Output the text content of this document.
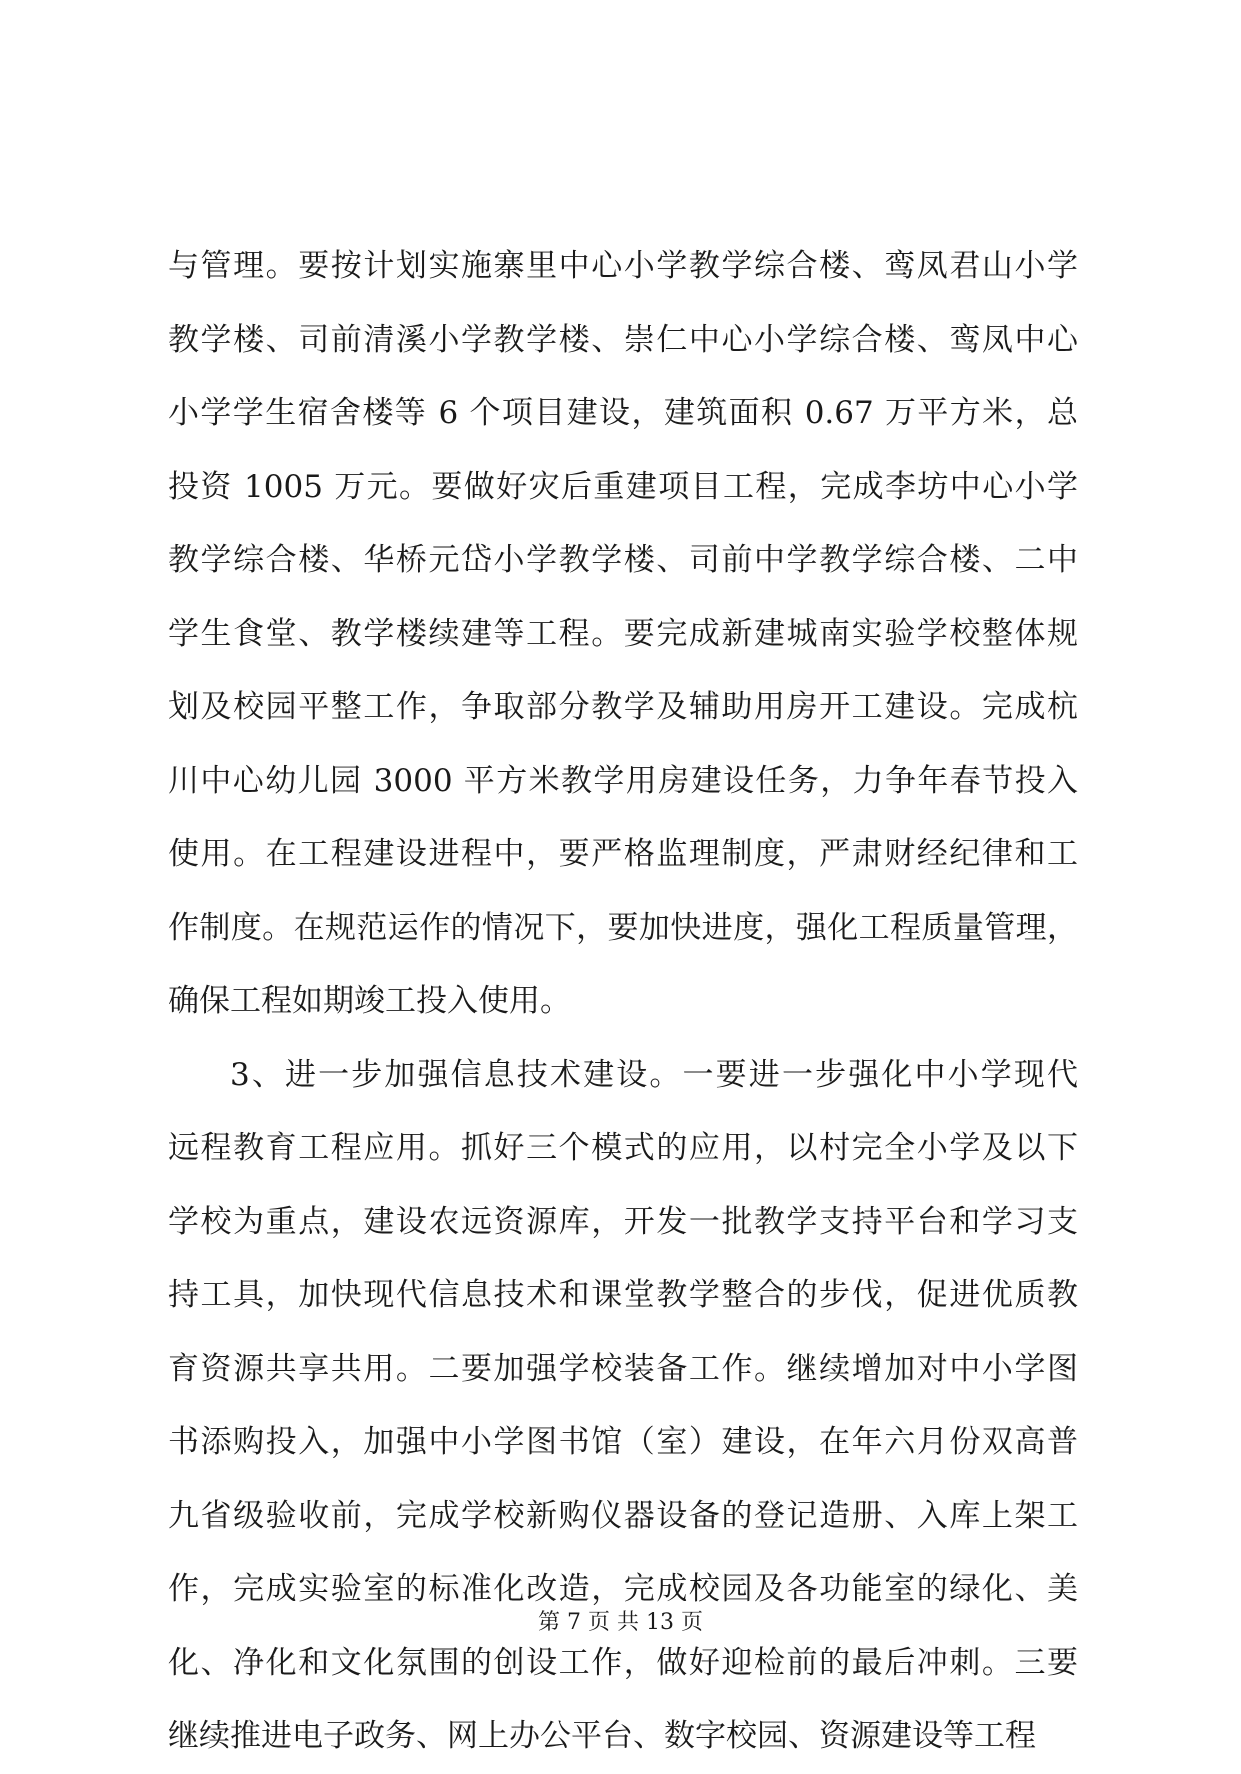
与管理。要按计划实施寨里中心小学教学综合楼、鸾凤君山小学
教学楼、司前清溪小学教学楼、崇仁中心小学综合楼、鸾凤中心
小学学生宿舍楼等 6 个项目建设，建筑面积 0.67 万平方米，总
投资 1005 万元。要做好灾后重建项目工程，完成李坊中心小学
教学综合楼、华桥元岱小学教学楼、司前中学教学综合楼、二中
学生食堂、教学楼续建等工程。要完成新建城南实验学校整体规
划及校园平整工作，争取部分教学及辅助用房开工建设。完成杭
川中心幼儿园 3000 平方米教学用房建设任务，力争年春节投入
使用。在工程建设进程中，要严格监理制度，严肃财经纪律和工
作制度。在规范运作的情况下，要加快进度，强化工程质量管理，
确保工程如期竣工投入使用。
3、进一步加强信息技术建设。一要进一步强化中小学现代
远程教育工程应用。抓好三个模式的应用，以村完全小学及以下
学校为重点，建设农远资源库，开发一批教学支持平台和学习支
持工具，加快现代信息技术和课堂教学整合的步伐，促进优质教
育资源共享共用。二要加强学校装备工作。继续增加对中小学图
书添购投入，加强中小学图书馆（室）建设，在年六月份双高普
九省级验收前，完成学校新购仪器设备的登记造册、入库上架工
作，完成实验室的标准化改造，完成校园及各功能室的绿化、美
化、净化和文化氛围的创设工作，做好迎检前的最后冲刺。三要
继续推进电子政务、网上办公平台、数字校园、资源建设等工程
第 7 页 共 13 页
